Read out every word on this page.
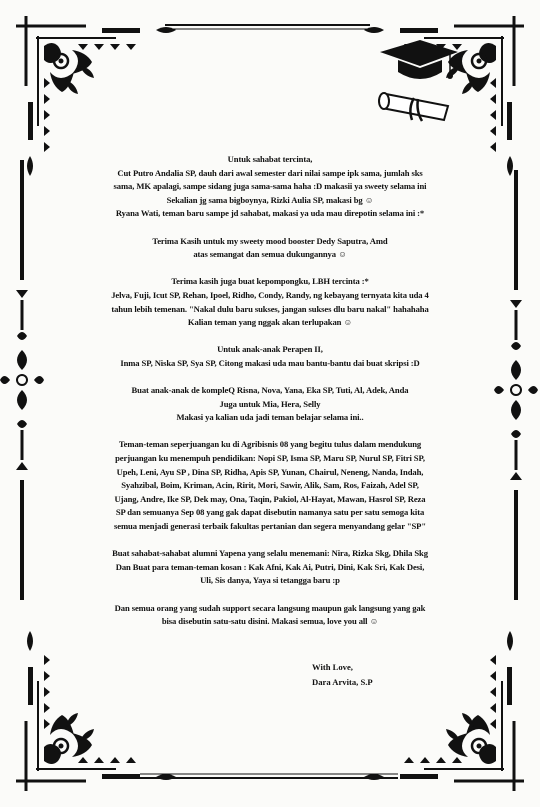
Untuk sahabat tercinta,
Cut Putro Andalia SP, dauh dari awal semester dari nilai sampe ipk sama, jumlah sks
sama, MK apalagi, sampe sidang juga sama-sama haha :D makasii ya sweety selama ini
Sekalian jg sama bigboynya, Rizki Aulia SP, makasi bg ☺
Ryana Wati, teman baru sampe jd sahabat, makasi ya uda mau direpotin selama ini :*

Terima Kasih untuk my sweety mood booster Dedy Saputra, Amd
atas semangat dan semua dukungannya ☺

Terima kasih juga buat kepompongku, LBH tercinta :*
Jelva, Fuji, Icut SP, Rehan, Ipoel, Ridho, Condy, Randy, ng kebayang ternyata kita uda 4
tahun lebih temenan. "Nakal dulu baru sukses, jangan sukses dlu baru nakal" hahahaha
Kalian teman yang nggak akan terlupakan ☺

Untuk anak-anak Perapen II,
Inma SP, Niska SP, Sya SP, Citong makasi uda mau bantu-bantu dai buat skripsi :D

Buat anak-anak de kompleQ Risna, Nova, Yana, Eka SP, Tuti, Al, Adek, Anda
Juga untuk Mia, Hera, Selly
Makasi ya kalian uda jadi teman belajar selama ini..

Teman-teman seperjuangan ku di Agribisnis 08 yang begitu tulus dalam mendukung
perjuangan ku menempuh pendidikan: Nopi SP, Isma SP, Maru SP, Nurul SP, Fitri SP,
Upeh, Leni, Ayu SP , Dina SP, Ridha, Apis SP, Yunan, Chairul, Neneng, Nanda, Indah,
Syahzibal, Boim, Kriman, Acin, Ririt, Mori, Sawir, Alik, Sam, Ros, Faizah, Adel SP,
Ujang, Andre, Ike SP, Dek may, Ona, Taqin, Pakiol, Al-Hayat, Mawan, Hasrol SP, Reza
SP dan semuanya Sep 08 yang gak dapat disebutin namanya satu per satu semoga kita
semua menjadi generasi terbaik fakultas pertanian dan segera menyandang gelar "SP"

Buat sahabat-sahabat alumni Yapena yang selalu menemani: Nira, Rizka Skg, Dhila Skg
Dan Buat para teman-teman kosan : Kak Afni, Kak Ai, Putri, Dini, Kak Sri, Kak Desi,
Uli, Sis danya, Yaya si tetangga baru :p

Dan semua orang yang sudah support secara langsung maupun gak langsung yang gak
bisa disebutin satu-satu disini. Makasi semua, love you all ☺

With Love,
Dara Arvita, S.P
